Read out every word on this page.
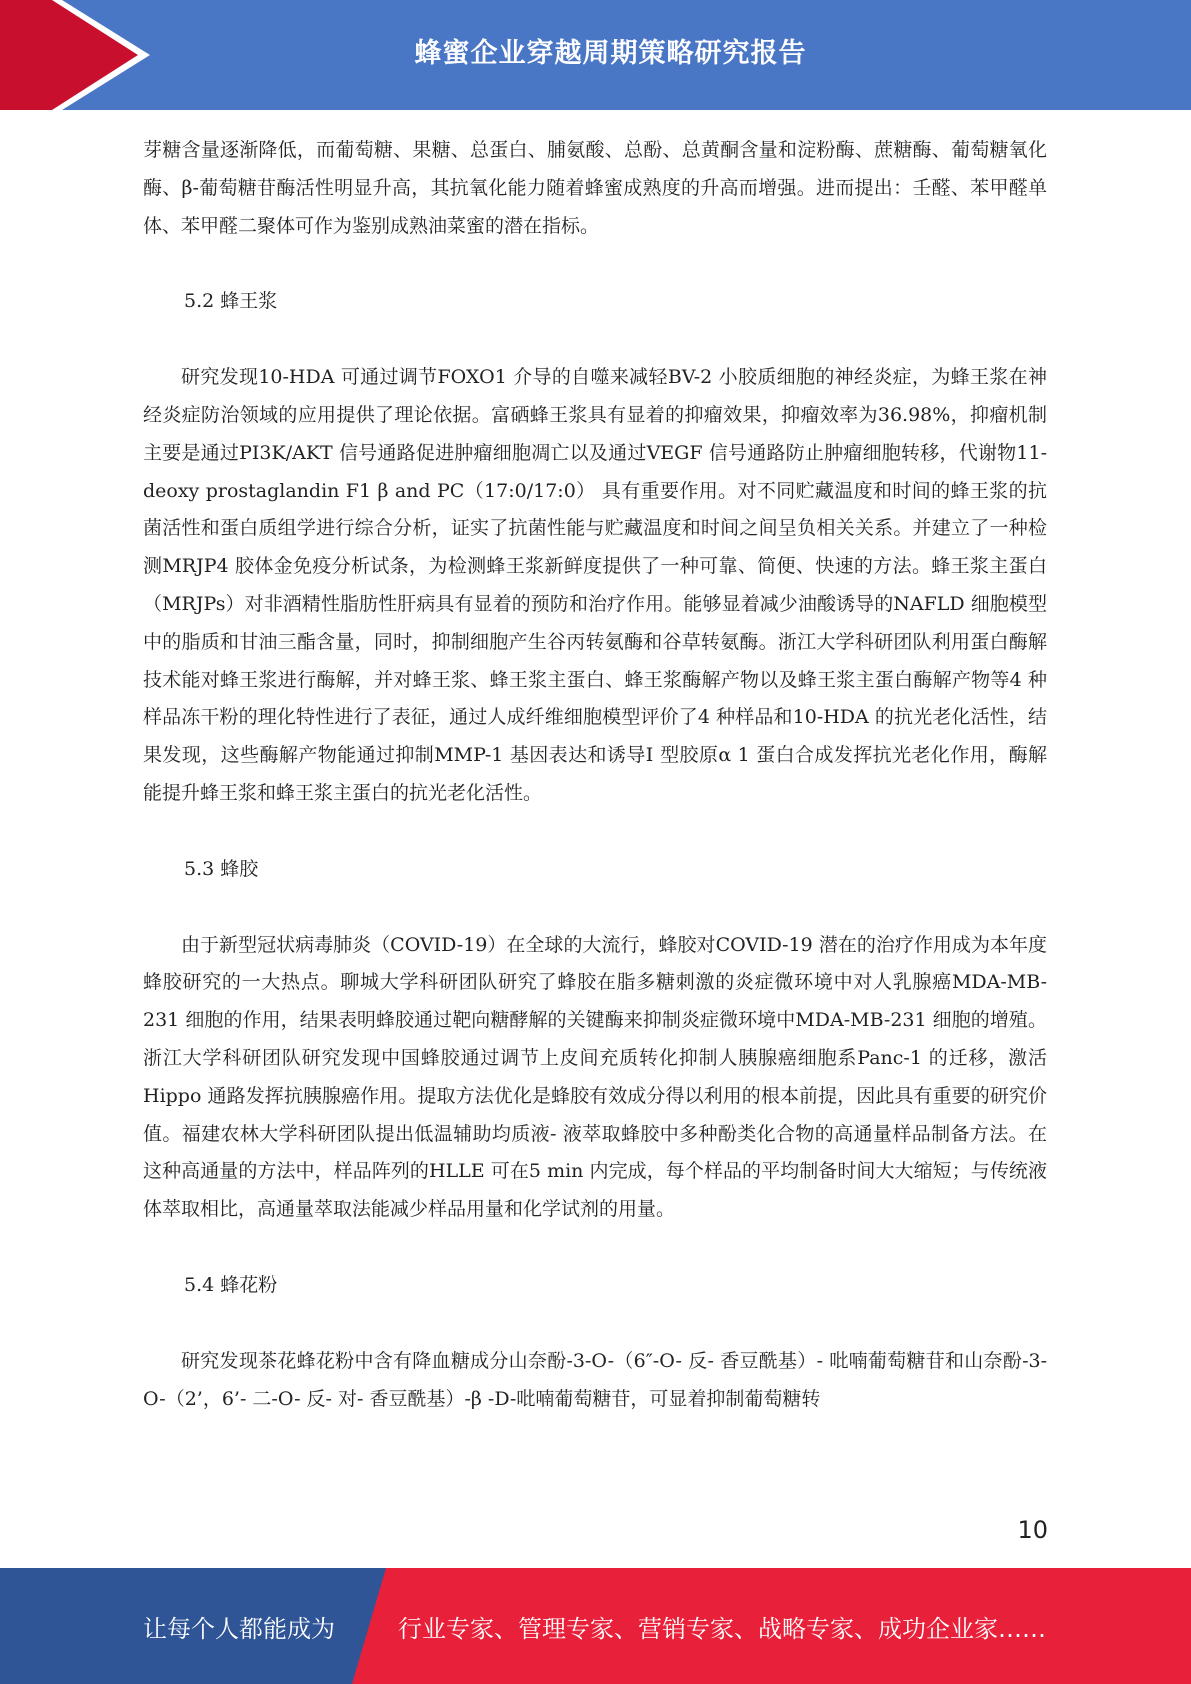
蜂蜜企业穿越周期策略研究报告

芽糖含量逐渐降低，而葡萄糖、果糖、总蛋白、脯氨酸、总酚、总黄酮含量和淀粉酶、蔗糖酶、葡萄糖氧化酶、β-葡萄糖苷酶活性明显升高，其抗氧化能力随着蜂蜜成熟度的升高而增强。进而提出：壬醛、苯甲醛单体、苯甲醛二聚体可作为鉴别成熟油菜蜜的潜在指标。

5.2 蜂王浆

研究发现10-HDA 可通过调节FOXO1 介导的自噬来减轻BV-2 小胶质细胞的神经炎症，为蜂王浆在神经炎症防治领域的应用提供了理论依据。富硒蜂王浆具有显着的抑瘤效果，抑瘤效率为36.98%，抑瘤机制主要是通过PI3K/AKT 信号通路促进肿瘤细胞凋亡以及通过VEGF 信号通路防止肿瘤细胞转移，代谢物11-deoxy prostaglandin F1 β and PC（17:0/17:0） 具有重要作用。对不同贮藏温度和时间的蜂王浆的抗菌活性和蛋白质组学进行综合分析，证实了抗菌性能与贮藏温度和时间之间呈负相关关系。并建立了一种检测MRJP4 胶体金免疫分析试条，为检测蜂王浆新鲜度提供了一种可靠、简便、快速的方法。蜂王浆主蛋白（MRJPs）对非酒精性脂肪性肝病具有显着的预防和治疗作用。能够显着减少油酸诱导的NAFLD 细胞模型中的脂质和甘油三酯含量，同时，抑制细胞产生谷丙转氨酶和谷草转氨酶。浙江大学科研团队利用蛋白酶解技术能对蜂王浆进行酶解，并对蜂王浆、蜂王浆主蛋白、蜂王浆酶解产物以及蜂王浆主蛋白酶解产物等4 种样品冻干粉的理化特性进行了表征，通过人成纤维细胞模型评价了4 种样品和10-HDA 的抗光老化活性，结果发现，这些酶解产物能通过抑制MMP-1 基因表达和诱导Ⅰ 型胶原α 1 蛋白合成发挥抗光老化作用，酶解能提升蜂王浆和蜂王浆主蛋白的抗光老化活性。

5.3 蜂胶

由于新型冠状病毒肺炎（COVID-19）在全球的大流行，蜂胶对COVID-19 潜在的治疗作用成为本年度蜂胶研究的一大热点。聊城大学科研团队研究了蜂胶在脂多糖刺激的炎症微环境中对人乳腺癌MDA-MB-231 细胞的作用，结果表明蜂胶通过靶向糖酵解的关键酶来抑制炎症微环境中MDA-MB-231 细胞的增殖。浙江大学科研团队研究发现中国蜂胶通过调节上皮间充质转化抑制人胰腺癌细胞系Panc-1 的迁移，激活Hippo 通路发挥抗胰腺癌作用。提取方法优化是蜂胶有效成分得以利用的根本前提，因此具有重要的研究价值。福建农林大学科研团队提出低温辅助均质液- 液萃取蜂胶中多种酚类化合物的高通量样品制备方法。在这种高通量的方法中，样品阵列的HLLE 可在5 min 内完成，每个样品的平均制备时间大大缩短；与传统液体萃取相比，高通量萃取法能减少样品用量和化学试剂的用量。

5.4 蜂花粉

研究发现茶花蜂花粉中含有降血糖成分山奈酚-3-O-（6″-O- 反- 香豆酰基）- 吡喃葡萄糖苷和山奈酚-3-O-（2’，6’- 二-O- 反- 对- 香豆酰基）-β -D-吡喃葡萄糖苷，可显着抑制葡萄糖转

10
让每个人都能成为	行业专家、管理专家、营销专家、战略专家、成功企业家……
